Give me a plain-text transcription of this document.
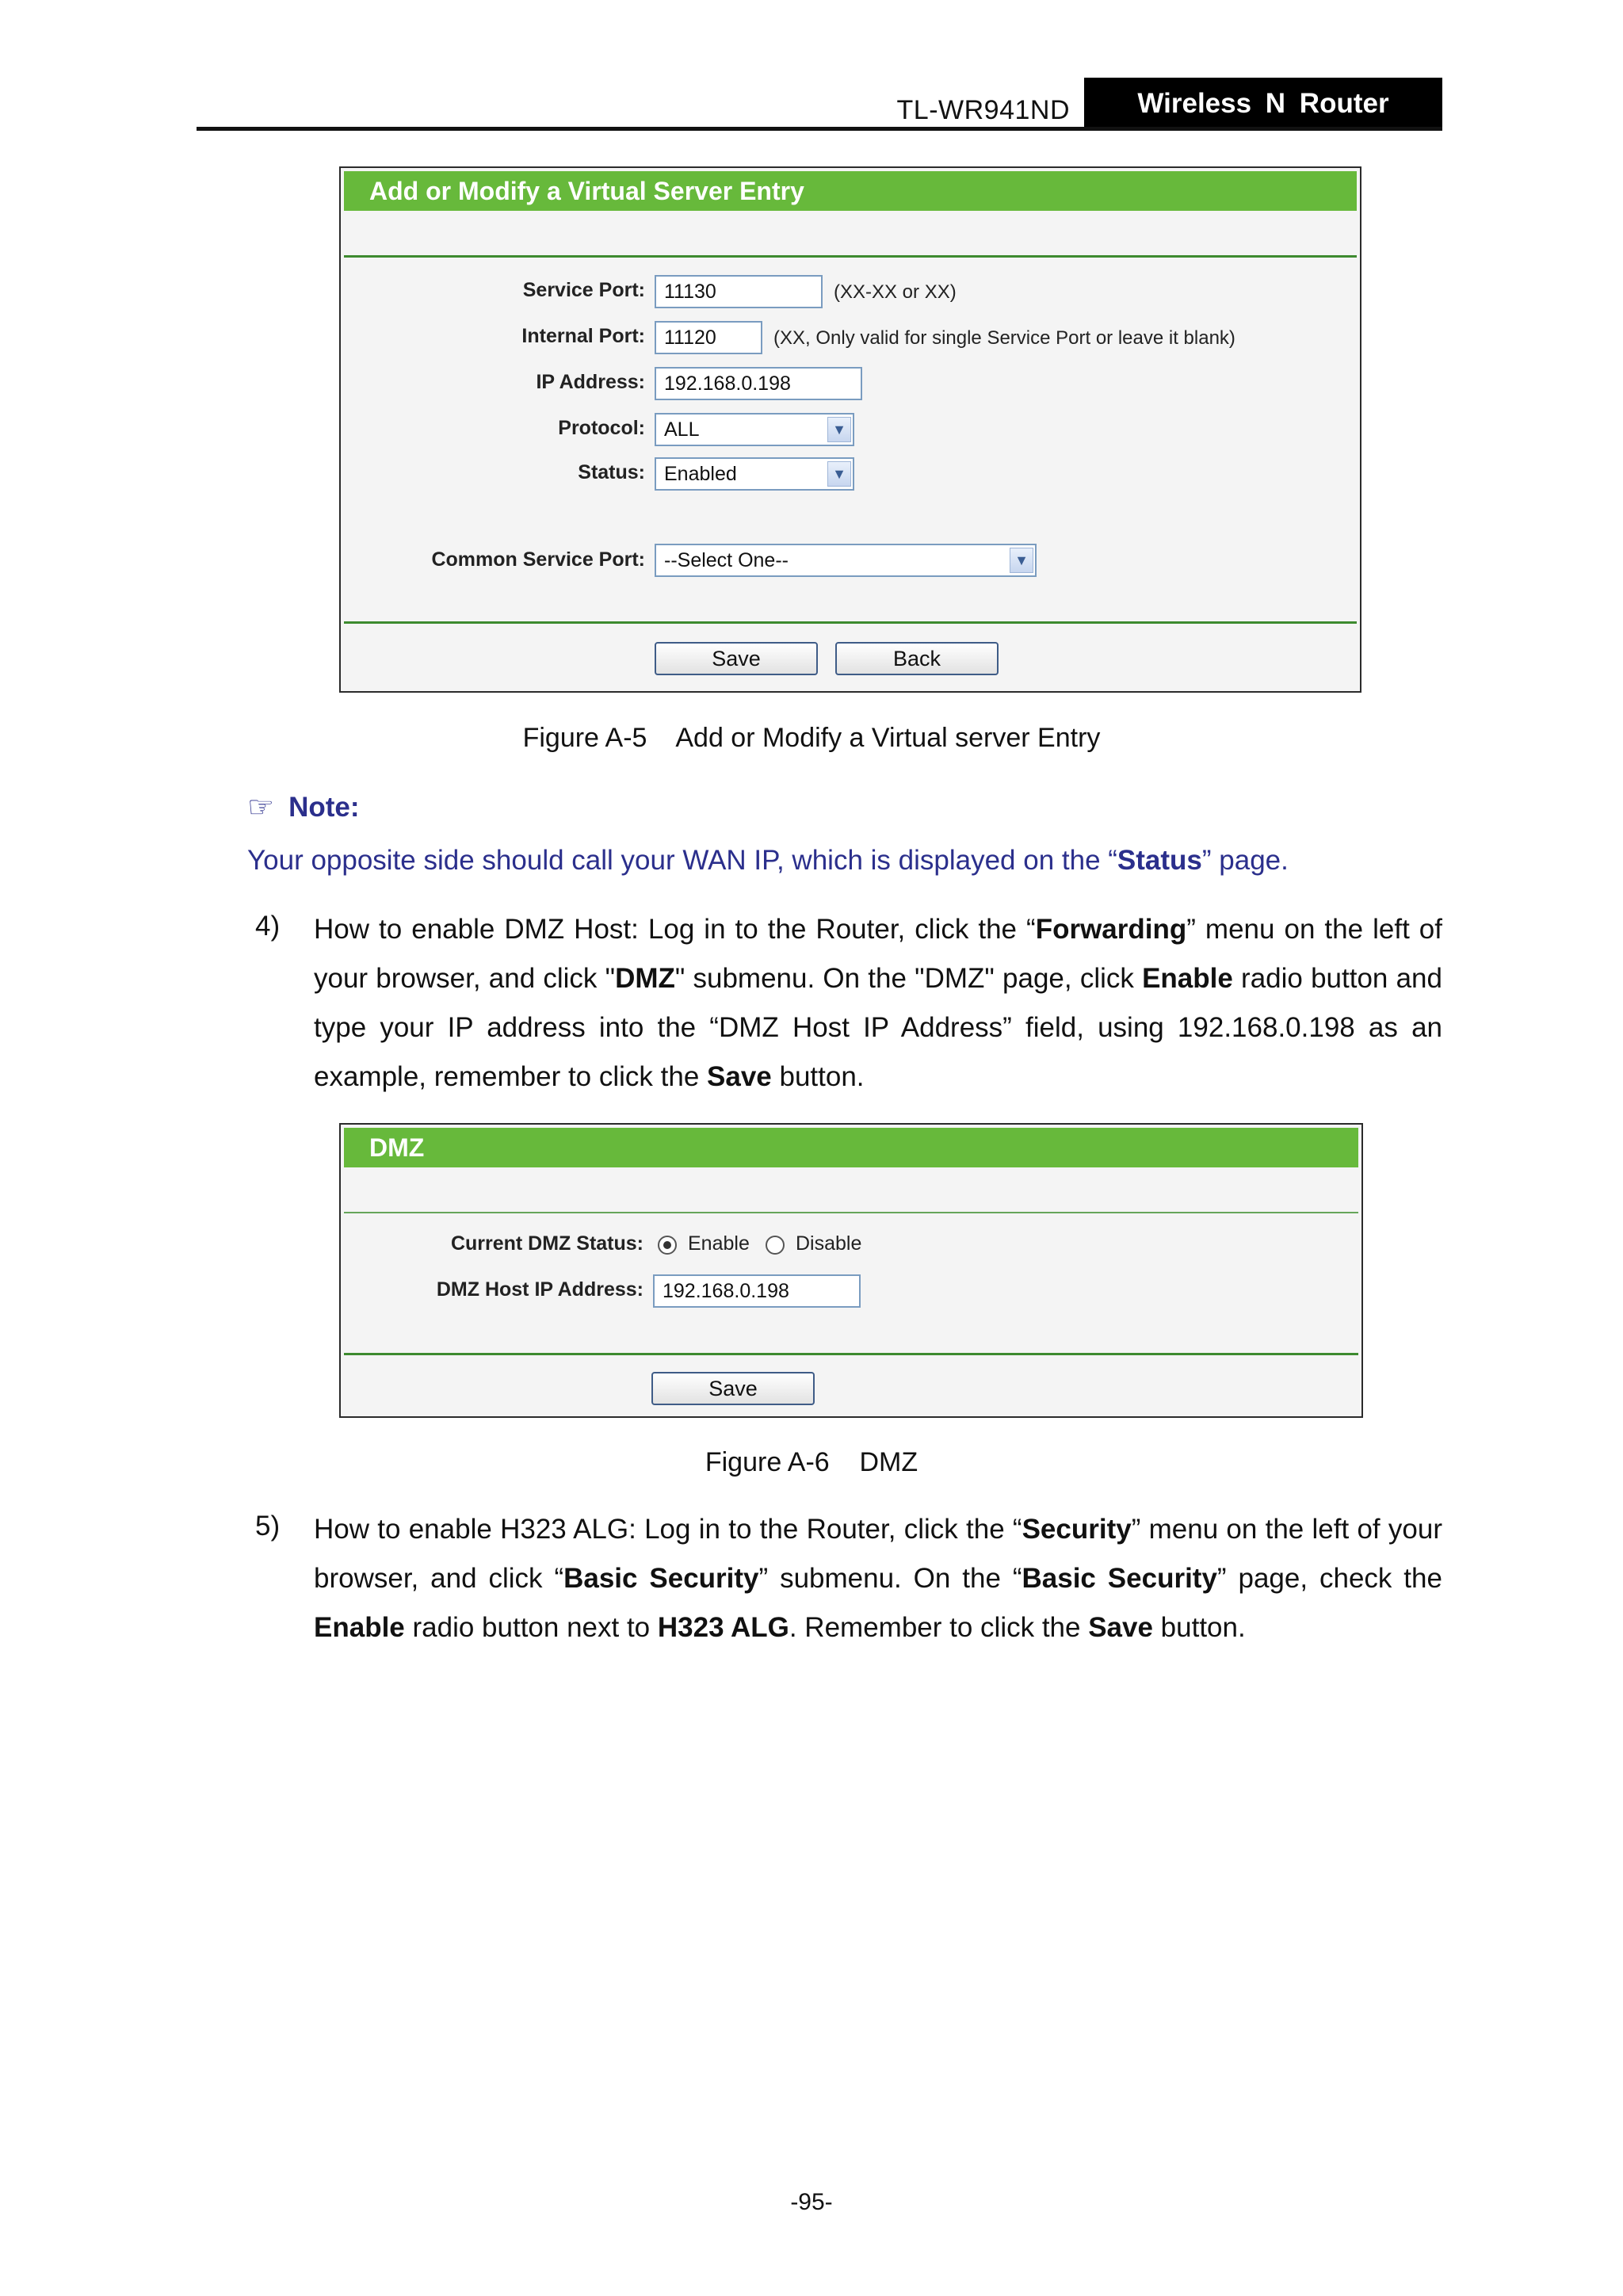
TL-WR941ND	Wireless N Router
Add or Modify a Virtual Server Entry
Service Port: 11130	(XX-XX or XX)
Internal Port: 11120	(XX, Only valid for single Service Port or leave it blank)
IP Address: 192.168.0.198
Protocol: ALL	▼
Status: Enabled	▼
Common Service Port: --Select One--	▼
Save	Back
Figure A-5    Add or Modify a Virtual server Entry
☞ Note:
Your opposite side should call your WAN IP, which is displayed on the “Status” page.
4) How to enable DMZ Host: Log in to the Router, click the “Forwarding” menu on the left of your browser, and click "DMZ" submenu. On the "DMZ" page, click Enable radio button and type your IP address into the “DMZ Host IP Address” field, using 192.168.0.198 as an example, remember to click the Save button.
DMZ
Current DMZ Status: Enable Disable
DMZ Host IP Address: 192.168.0.198
Save
Figure A-6    DMZ
5) How to enable H323 ALG: Log in to the Router, click the “Security” menu on the left of your browser, and click “Basic Security” submenu. On the “Basic Security” page, check the Enable radio button next to H323 ALG. Remember to click the Save button.
-95-
